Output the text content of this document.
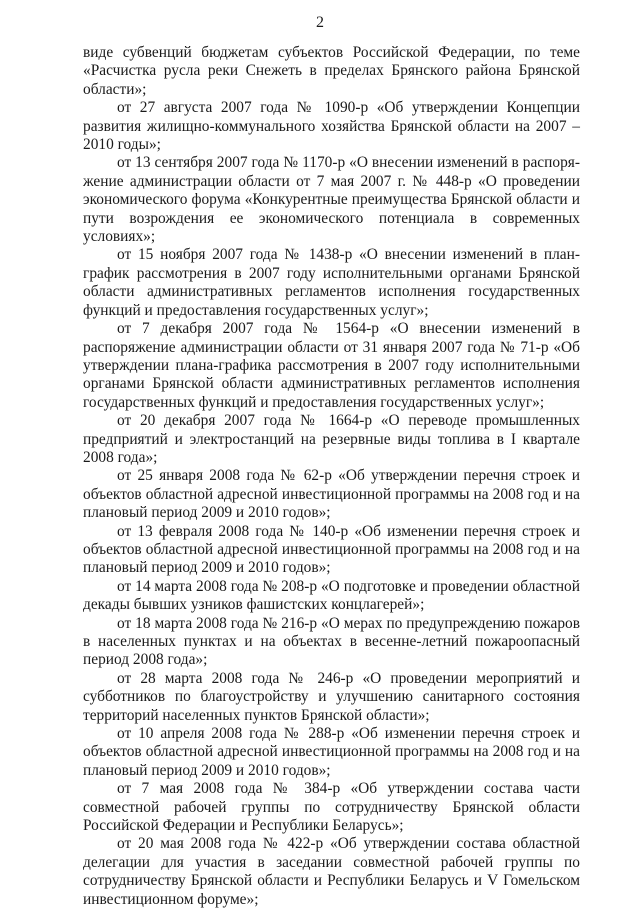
2

виде субвенций бюджетам субъектов Российской Федерации, по теме «Расчистка русла реки Снежеть в пределах Брянского района Брянской области»;

от 27 августа 2007 года № 1090-р «Об утверждении Концепции развития жилищно-коммунального хозяйства Брянской области на 2007 – 2010 годы»;

от 13 сентября 2007 года № 1170-р «О внесении изменений в распоряжение администрации области от 7 мая 2007 г. № 448-р «О проведении экономического форума «Конкурентные преимущества Брянской области и пути возрождения ее экономического потенциала в современных условиях»;

от 15 ноября 2007 года № 1438-р «О внесении изменений в план-график рассмотрения в 2007 году исполнительными органами Брянской области административных регламентов исполнения государственных функций и предоставления государственных услуг»;

от 7 декабря 2007 года № 1564-р «О внесении изменений в распоряжение администрации области от 31 января 2007 года № 71-р «Об утверждении плана-графика рассмотрения в 2007 году исполнительными органами Брянской области административных регламентов исполнения государственных функций и предоставления государственных услуг»;

от 20 декабря 2007 года № 1664-р «О переводе промышленных предприятий и электростанций на резервные виды топлива в I квартале 2008 года»;

от 25 января 2008 года № 62-р «Об утверждении перечня строек и объектов областной адресной инвестиционной программы на 2008 год и на плановый период 2009 и 2010 годов»;

от 13 февраля 2008 года № 140-р «Об изменении перечня строек и объектов областной адресной инвестиционной программы на 2008 год и на плановый период 2009 и 2010 годов»;

от 14 марта 2008 года № 208-р «О подготовке и проведении областной декады бывших узников фашистских концлагерей»;

от 18 марта 2008 года № 216-р «О мерах по предупреждению пожаров в населенных пунктах и на объектах в весенне-летний пожароопасный период 2008 года»;

от 28 марта 2008 года № 246-р «О проведении мероприятий и субботников по благоустройству и улучшению санитарного состояния территорий населенных пунктов Брянской области»;

от 10 апреля 2008 года № 288-р «Об изменении перечня строек и объектов областной адресной инвестиционной программы на 2008 год и на плановый период 2009 и 2010 годов»;

от 7 мая 2008 года № 384-р «Об утверждении состава части совместной рабочей группы по сотрудничеству Брянской области Российской Федерации и Республики Беларусь»;

от 20 мая 2008 года № 422-р «Об утверждении состава областной делегации для участия в заседании совместной рабочей группы по сотрудничеству Брянской области и Республики Беларусь и V Гомельском инвестиционном форуме»;
